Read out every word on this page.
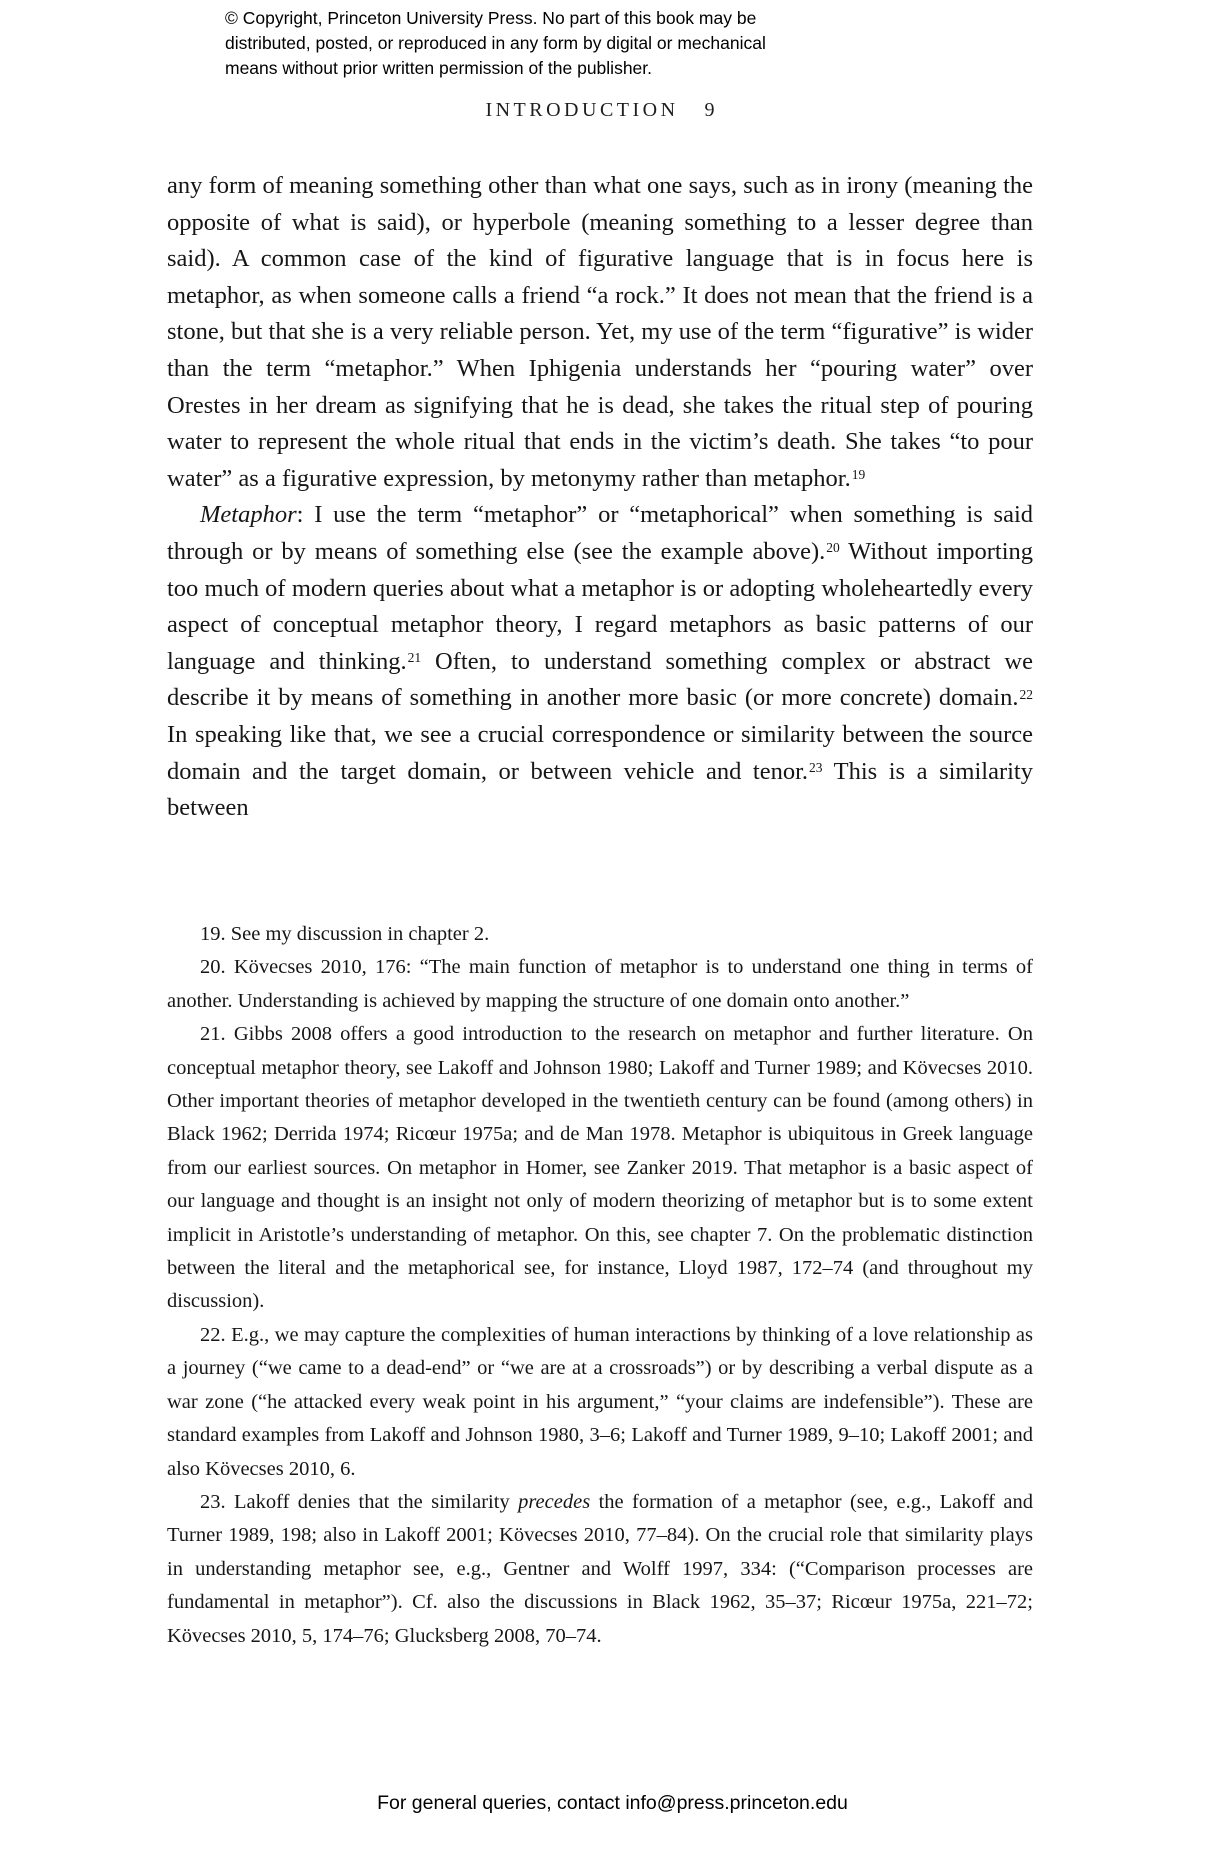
© Copyright, Princeton University Press. No part of this book may be
distributed, posted, or reproduced in any form by digital or mechanical
means without prior written permission of the publisher.
INTRODUCTION 9

any form of meaning something other than what one says, such as in irony (meaning the opposite of what is said), or hyperbole (meaning something to a lesser degree than said). A common case of the kind of figurative language that is in focus here is metaphor, as when someone calls a friend “a rock.” It does not mean that the friend is a stone, but that she is a very reliable person. Yet, my use of the term “figurative” is wider than the term “metaphor.” When Iphigenia understands her “pouring water” over Orestes in her dream as signifying that he is dead, she takes the ritual step of pouring water to represent the whole ritual that ends in the victim’s death. She takes “to pour water” as a figurative expression, by metonymy rather than metaphor.$^{19}$

Metaphor: I use the term “metaphor” or “metaphorical” when something is said through or by means of something else (see the example above).$^{20}$ Without importing too much of modern queries about what a metaphor is or adopting wholeheartedly every aspect of conceptual metaphor theory, I regard metaphors as basic patterns of our language and thinking.$^{21}$ Often, to understand something complex or abstract we describe it by means of something in another more basic (or more concrete) domain.$^{22}$ In speaking like that, we see a crucial correspondence or similarity between the source domain and the target domain, or between vehicle and tenor.$^{23}$ This is a similarity between

19. See my discussion in chapter 2.

20. Kövecses 2010, 176: “The main function of metaphor is to understand one thing in terms of another. Understanding is achieved by mapping the structure of one domain onto another.”

21. Gibbs 2008 offers a good introduction to the research on metaphor and further literature. On conceptual metaphor theory, see Lakoff and Johnson 1980; Lakoff and Turner 1989; and Kövecses 2010. Other important theories of metaphor developed in the twentieth century can be found (among others) in Black 1962; Derrida 1974; Ricœur 1975a; and de Man 1978. Metaphor is ubiquitous in Greek language from our earliest sources. On metaphor in Homer, see Zanker 2019. That metaphor is a basic aspect of our language and thought is an insight not only of modern theorizing of metaphor but is to some extent implicit in Aristotle’s understanding of metaphor. On this, see chapter 7. On the problematic distinction between the literal and the metaphorical see, for instance, Lloyd 1987, 172–74 (and throughout my discussion).

22. E.g., we may capture the complexities of human interactions by thinking of a love relationship as a journey (“we came to a dead-end” or “we are at a crossroads”) or by describing a verbal dispute as a war zone (“he attacked every weak point in his argument,” “your claims are indefensible”). These are standard examples from Lakoff and Johnson 1980, 3–6; Lakoff and Turner 1989, 9–10; Lakoff 2001; and also Kövecses 2010, 6.

23. Lakoff denies that the similarity precedes the formation of a metaphor (see, e.g., Lakoff and Turner 1989, 198; also in Lakoff 2001; Kövecses 2010, 77–84). On the crucial role that similarity plays in understanding metaphor see, e.g., Gentner and Wolff 1997, 334: (“Comparison processes are fundamental in metaphor”). Cf. also the discussions in Black 1962, 35–37; Ricœur 1975a, 221–72; Kövecses 2010, 5, 174–76; Glucksberg 2008, 70–74.

For general queries, contact info@press.princeton.edu
